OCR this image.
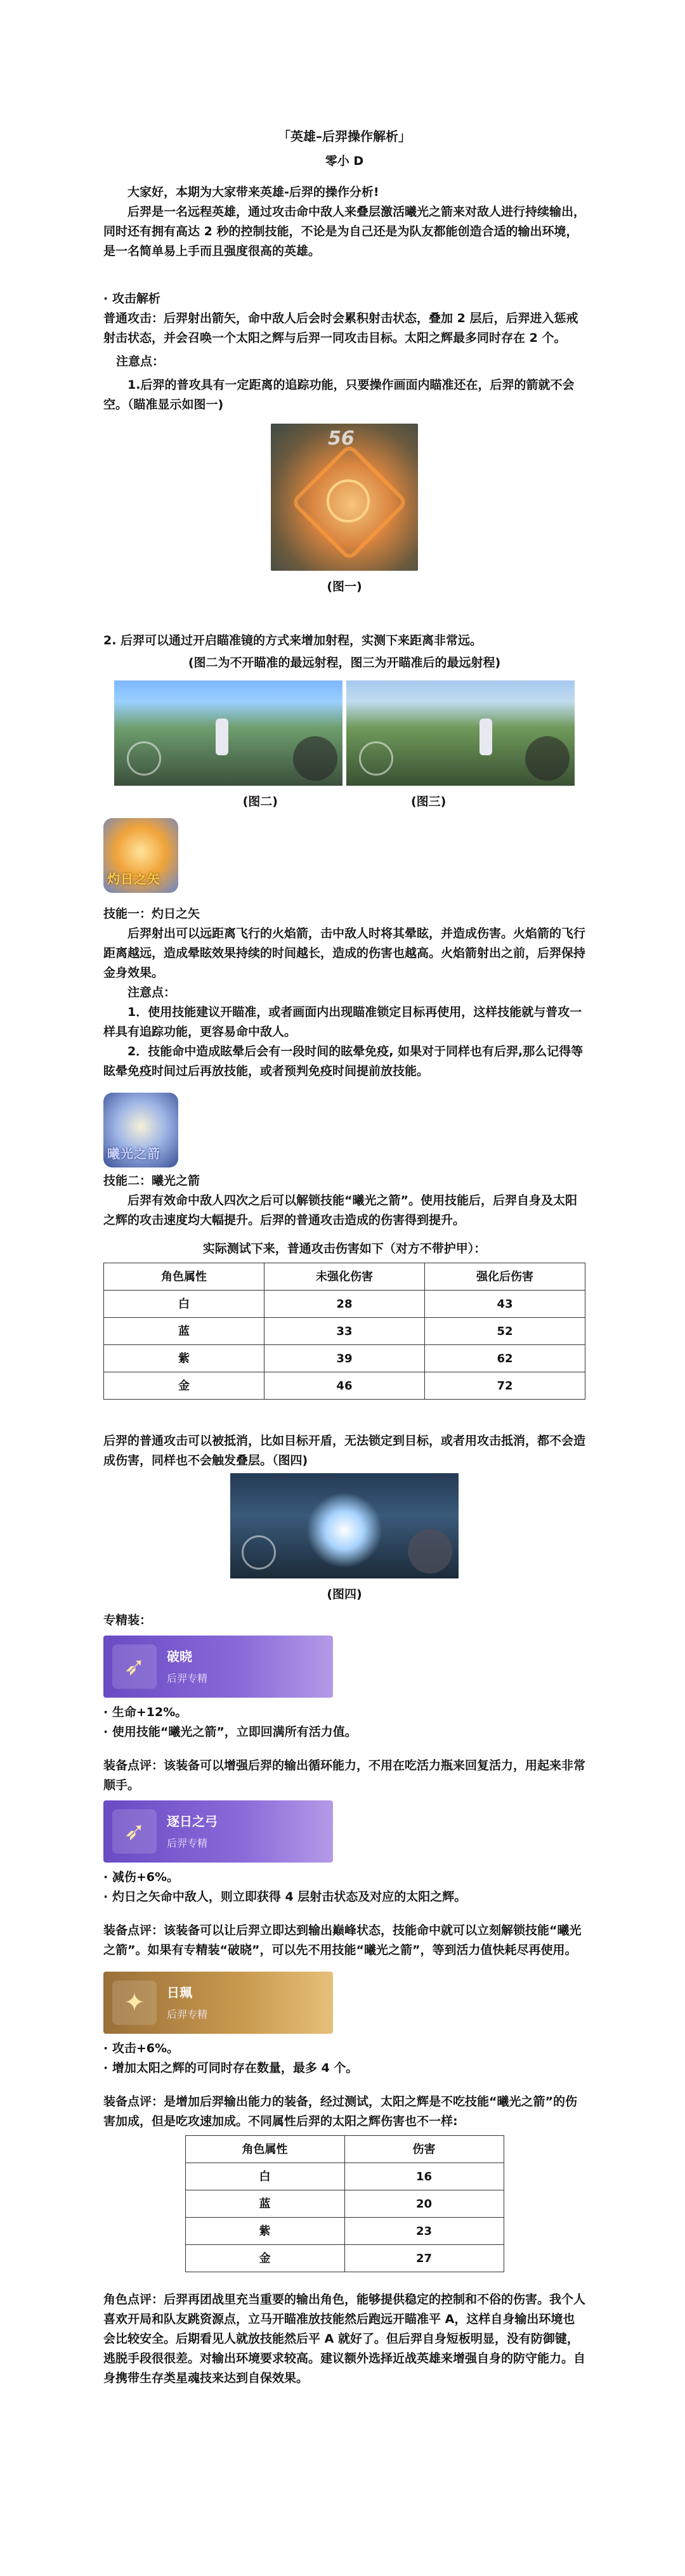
「英雄–后羿操作解析」
零小 D

大家好，本期为大家带来英雄-后羿的操作分析!

后羿是一名远程英雄，通过攻击命中敌人来叠层激活曦光之箭来对敌人进行持续输出，同时还有拥有高达 2 秒的控制技能，不论是为自己还是为队友都能创造合适的输出环境，是一名简单易上手而且强度很高的英雄。

· 攻击解析

普通攻击：后羿射出箭矢，命中敌人后会时会累积射击状态，叠加 2 层后，后羿进入惩戒射击状态，并会召唤一个太阳之辉与后羿一同攻击目标。太阳之辉最多同时存在 2 个。

注意点：

1.后羿的普攻具有一定距离的追踪功能，只要操作画面内瞄准还在，后羿的箭就不会空。（瞄准显示如图一)

56
(图一)

2. 后羿可以通过开启瞄准镜的方式来增加射程，实测下来距离非常远。

(图二为不开瞄准的最远射程，图三为开瞄准后的最远射程)

(图二)	(图三)
灼日之矢

技能一：灼日之矢

后羿射出可以远距离飞行的火焰箭，击中敌人时将其晕眩，并造成伤害。火焰箭的飞行距离越远，造成晕眩效果持续的时间越长，造成的伤害也越高。火焰箭射出之前，后羿保持金身效果。

注意点：

1．使用技能建议开瞄准，或者画面内出现瞄准锁定目标再使用，这样技能就与普攻一样具有追踪功能，更容易命中敌人。

2．技能命中造成眩晕后会有一段时间的眩晕免疫, 如果对于同样也有后羿,那么记得等眩晕免疫时间过后再放技能，或者预判免疫时间提前放技能。

曦光之箭

技能二：曦光之箭

后羿有效命中敌人四次之后可以解锁技能“曦光之箭”。使用技能后，后羿自身及太阳之辉的攻击速度均大幅提升。后羿的普通攻击造成的伤害得到提升。

实际测试下来，普通攻击伤害如下（对方不带护甲）：

角色属性	未强化伤害	强化后伤害
白	28	43
蓝	33	52
紫	39	62
金	46	72

后羿的普通攻击可以被抵消，比如目标开盾，无法锁定到目标，或者用攻击抵消，都不会造成伤害，同样也不会触发叠层。（图四)

(图四)

专精装：

➶	破晓
后羿专精

· 生命+12%。

· 使用技能“曦光之箭”，立即回满所有活力值。

装备点评：该装备可以增强后羿的输出循环能力，不用在吃活力瓶来回复活力，用起来非常顺手。

➶	逐日之弓
后羿专精

· 减伤+6%。

· 灼日之矢命中敌人，则立即获得 4 层射击状态及对应的太阳之辉。

装备点评：该装备可以让后羿立即达到输出巅峰状态，技能命中就可以立刻解锁技能“曦光之箭”。如果有专精装“破晓”，可以先不用技能“曦光之箭”，等到活力值快耗尽再使用。

✦	日珮
后羿专精

· 攻击+6%。

· 增加太阳之辉的可同时存在数量，最多 4 个。

装备点评：是增加后羿输出能力的装备，经过测试，太阳之辉是不吃技能“曦光之箭”的伤害加成，但是吃攻速加成。不同属性后羿的太阳之辉伤害也不一样:

角色属性	伤害
白	16
蓝	20
紫	23
金	27

角色点评：后羿再团战里充当重要的输出角色，能够提供稳定的控制和不俗的伤害。我个人喜欢开局和队友跳资源点，立马开瞄准放技能然后跑远开瞄准平 A，这样自身输出环境也会比较安全。后期看见人就放技能然后平 A 就好了。但后羿自身短板明显，没有防御键，逃脱手段很很差。对输出环境要求较高。建议额外选择近战英雄来增强自身的防守能力。自身携带生存类星魂技来达到自保效果。
